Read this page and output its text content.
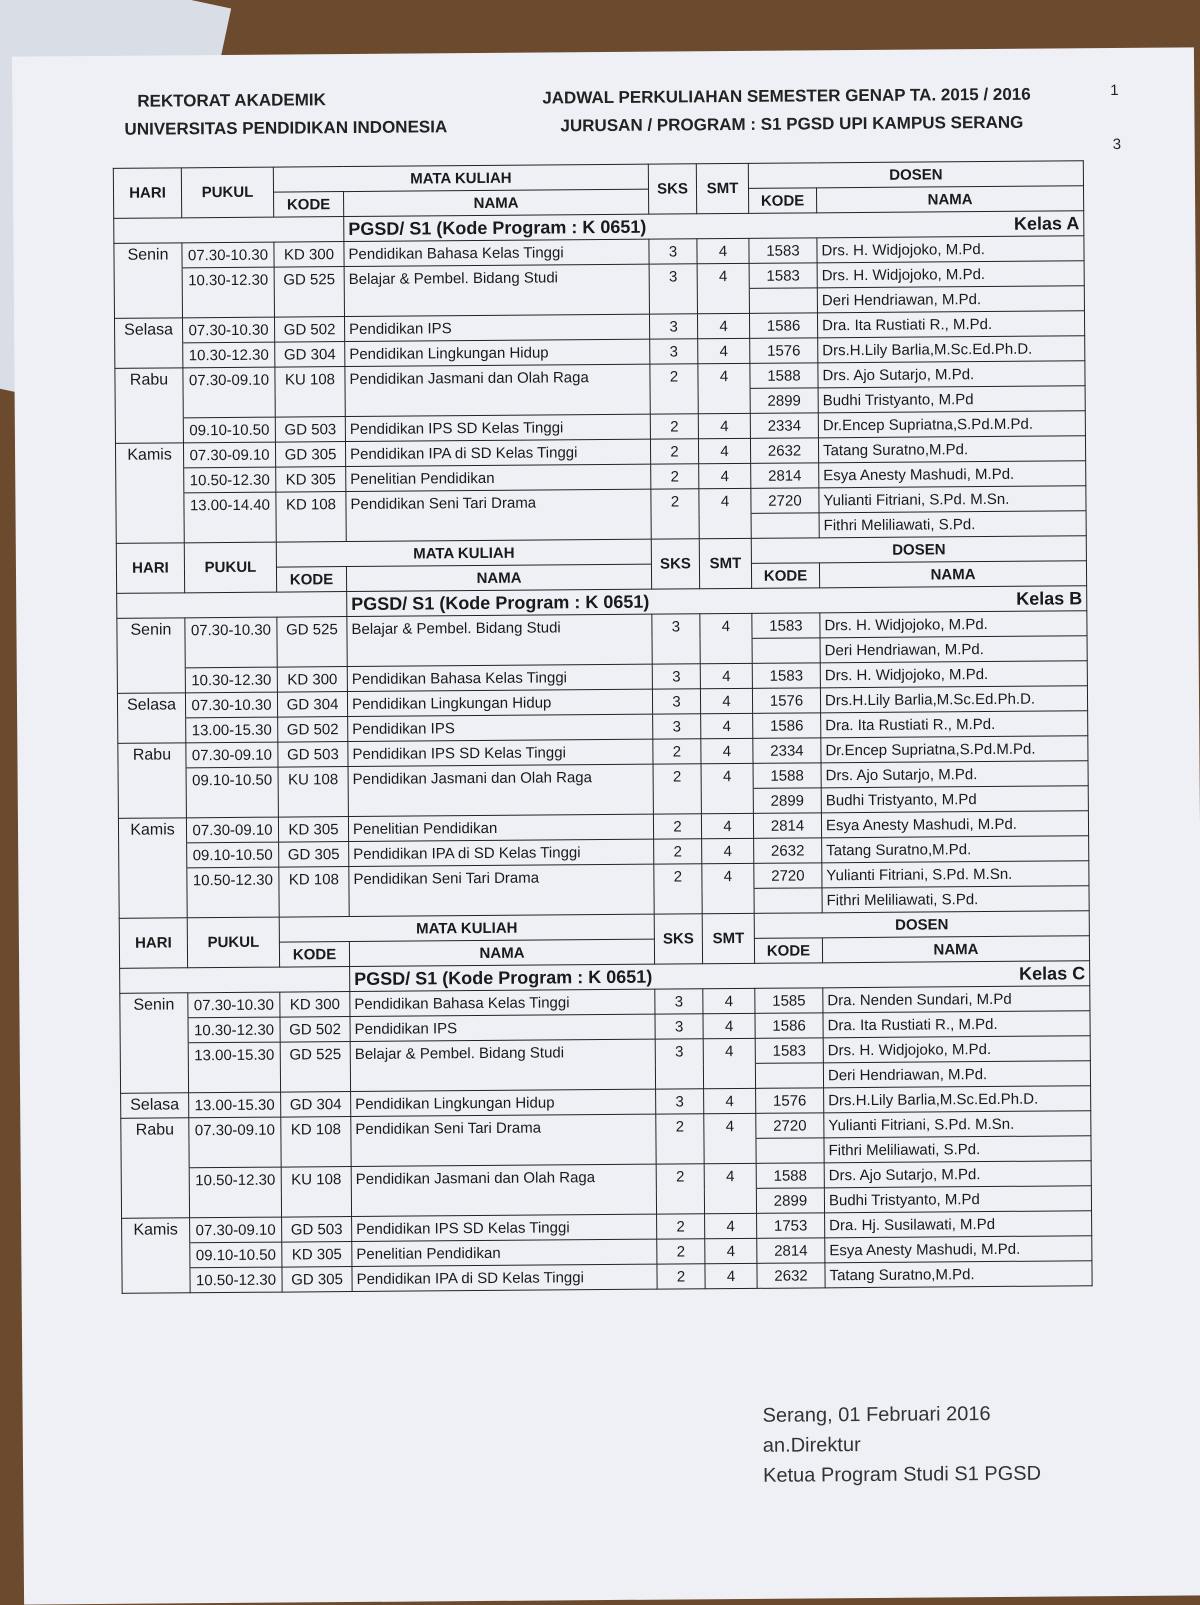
REKTORAT AKADEMIK
UNIVERSITAS PENDIDIKAN INDONESIA
JADWAL PERKULIAHAN SEMESTER GENAP TA. 2015 / 2016
JURUSAN / PROGRAM : S1 PGSD UPI KAMPUS SERANG
1
3
HARI	PUKUL	MATA KULIAH		SKS	SMT	DOSEN	
		KODE	NAMA			KODE	NAMA
			PGSD/ S1 (Kode Program : K 0651) Kelas A				

Senin	07.30-10.30	KD 300	Pendidikan Bahasa Kelas Tinggi	3	4	1583	Drs. H. Widjojoko, M.Pd.
	10.30-12.30	GD 525	Belajar & Pembel. Bidang Studi	3	4	1583	Drs. H. Widjojoko, M.Pd.
							Deri Hendriawan, M.Pd.
Selasa	07.30-10.30	GD 502	Pendidikan IPS	3	4	1586	Dra. Ita Rustiati R., M.Pd.
	10.30-12.30	GD 304	Pendidikan Lingkungan Hidup	3	4	1576	Drs.H.Lily Barlia,M.Sc.Ed.Ph.D.
Rabu	07.30-09.10	KU 108	Pendidikan Jasmani dan Olah Raga	2	4	1588	Drs. Ajo Sutarjo, M.Pd.
						2899	Budhi Tristyanto, M.Pd
	09.10-10.50	GD 503	Pendidikan IPS SD Kelas Tinggi	2	4	2334	Dr.Encep Supriatna,S.Pd.M.Pd.
Kamis	07.30-09.10	GD 305	Pendidikan IPA di SD Kelas Tinggi	2	4	2632	Tatang Suratno,M.Pd.
	10.50-12.30	KD 305	Penelitian Pendidikan	2	4	2814	Esya Anesty Mashudi, M.Pd.
	13.00-14.40	KD 108	Pendidikan Seni Tari Drama	2	4	2720	Yulianti Fitriani, S.Pd. M.Sn.
							Fithri Meliliawati, S.Pd.
HARI	PUKUL	MATA KULIAH		SKS	SMT	DOSEN	
		KODE	NAMA			KODE	NAMA
			PGSD/ S1 (Kode Program : K 0651) Kelas B				

Senin	07.30-10.30	GD 525	Belajar & Pembel. Bidang Studi	3	4	1583	Drs. H. Widjojoko, M.Pd.
							Deri Hendriawan, M.Pd.
	10.30-12.30	KD 300	Pendidikan Bahasa Kelas Tinggi	3	4	1583	Drs. H. Widjojoko, M.Pd.
Selasa	07.30-10.30	GD 304	Pendidikan Lingkungan Hidup	3	4	1576	Drs.H.Lily Barlia,M.Sc.Ed.Ph.D.
	13.00-15.30	GD 502	Pendidikan IPS	3	4	1586	Dra. Ita Rustiati R., M.Pd.
Rabu	07.30-09.10	GD 503	Pendidikan IPS SD Kelas Tinggi	2	4	2334	Dr.Encep Supriatna,S.Pd.M.Pd.
	09.10-10.50	KU 108	Pendidikan Jasmani dan Olah Raga	2	4	1588	Drs. Ajo Sutarjo, M.Pd.
						2899	Budhi Tristyanto, M.Pd
Kamis	07.30-09.10	KD 305	Penelitian Pendidikan	2	4	2814	Esya Anesty Mashudi, M.Pd.
	09.10-10.50	GD 305	Pendidikan IPA di SD Kelas Tinggi	2	4	2632	Tatang Suratno,M.Pd.
	10.50-12.30	KD 108	Pendidikan Seni Tari Drama	2	4	2720	Yulianti Fitriani, S.Pd. M.Sn.
							Fithri Meliliawati, S.Pd.
HARI	PUKUL	MATA KULIAH		SKS	SMT	DOSEN	
		KODE	NAMA			KODE	NAMA
			PGSD/ S1 (Kode Program : K 0651) Kelas C				

Senin	07.30-10.30	KD 300	Pendidikan Bahasa Kelas Tinggi	3	4	1585	Dra. Nenden Sundari, M.Pd
	10.30-12.30	GD 502	Pendidikan IPS	3	4	1586	Dra. Ita Rustiati R., M.Pd.
	13.00-15.30	GD 525	Belajar & Pembel. Bidang Studi	3	4	1583	Drs. H. Widjojoko, M.Pd.
							Deri Hendriawan, M.Pd.
Selasa	13.00-15.30	GD 304	Pendidikan Lingkungan Hidup	3	4	1576	Drs.H.Lily Barlia,M.Sc.Ed.Ph.D.
Rabu	07.30-09.10	KD 108	Pendidikan Seni Tari Drama	2	4	2720	Yulianti Fitriani, S.Pd. M.Sn.
							Fithri Meliliawati, S.Pd.
	10.50-12.30	KU 108	Pendidikan Jasmani dan Olah Raga	2	4	1588	Drs. Ajo Sutarjo, M.Pd.
						2899	Budhi Tristyanto, M.Pd
Kamis	07.30-09.10	GD 503	Pendidikan IPS SD Kelas Tinggi	2	4	1753	Dra. Hj. Susilawati, M.Pd
	09.10-10.50	KD 305	Penelitian Pendidikan	2	4	2814	Esya Anesty Mashudi, M.Pd.
	10.50-12.30	GD 305	Pendidikan IPA di SD Kelas Tinggi	2	4	2632	Tatang Suratno,M.Pd.
Serang, 01 Februari 2016
an.Direktur
Ketua Program Studi S1 PGSD
